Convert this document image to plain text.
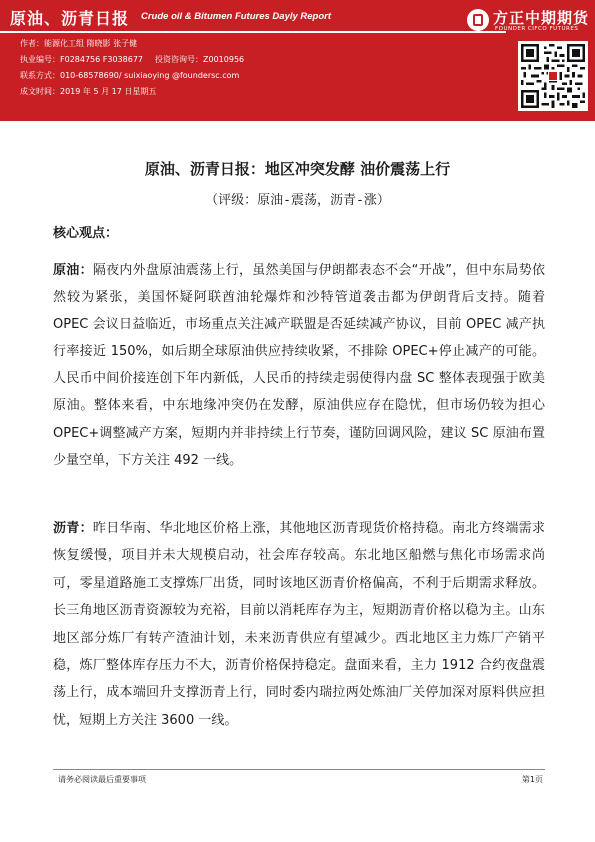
原油、沥青日报 Crude oil & Bitumen Futures Dayly Report
作者：能源化工组 隋晓影 张子健
执业编号：F0284756 F3038677 投资咨询号：Z0010956
联系方式：010-68578690/ suixiaoying @foundersc.com
成文时间：2019 年 5 月 17 日星期五
方正中期期货
FOUNDER CIFCO FUTURES
原油、沥青日报：地区冲突发酵 油价震荡上行
（评级：原油-震荡，沥青-涨）
核心观点：

原油：隔夜内外盘原油震荡上行，虽然美国与伊朗都表态不会“开战”，但中东局势依然较为紧张，美国怀疑阿联酋油轮爆炸和沙特管道袭击都为伊朗背后支持。随着 OPEC 会议日益临近，市场重点关注减产联盟是否延续减产协议，目前 OPEC 减产执行率接近 150%，如后期全球原油供应持续收紧，不排除 OPEC+停止减产的可能。人民币中间价接连创下年内新低，人民币的持续走弱使得内盘 SC 整体表现强于欧美原油。整体来看，中东地缘冲突仍在发酵，原油供应存在隐忧，但市场仍较为担心 OPEC+调整减产方案，短期内并非持续上行节奏，谨防回调风险，建议 SC 原油布置少量空单，下方关注 492 一线。

沥青：昨日华南、华北地区价格上涨，其他地区沥青现货价格持稳。南北方终端需求恢复缓慢，项目并未大规模启动，社会库存较高。东北地区船燃与焦化市场需求尚可，零星道路施工支撑炼厂出货，同时该地区沥青价格偏高，不利于后期需求释放。长三角地区沥青资源较为充裕，目前以消耗库存为主，短期沥青价格以稳为主。山东地区部分炼厂有转产渣油计划，未来沥青供应有望减少。西北地区主力炼厂产销平稳，炼厂整体库存压力不大，沥青价格保持稳定。盘面来看，主力 1912 合约夜盘震荡上行，成本端回升支撑沥青上行，同时委内瑞拉两处炼油厂关停加深对原料供应担忧，短期上方关注 3600 一线。

请务必阅读最后重要事项	第1页
